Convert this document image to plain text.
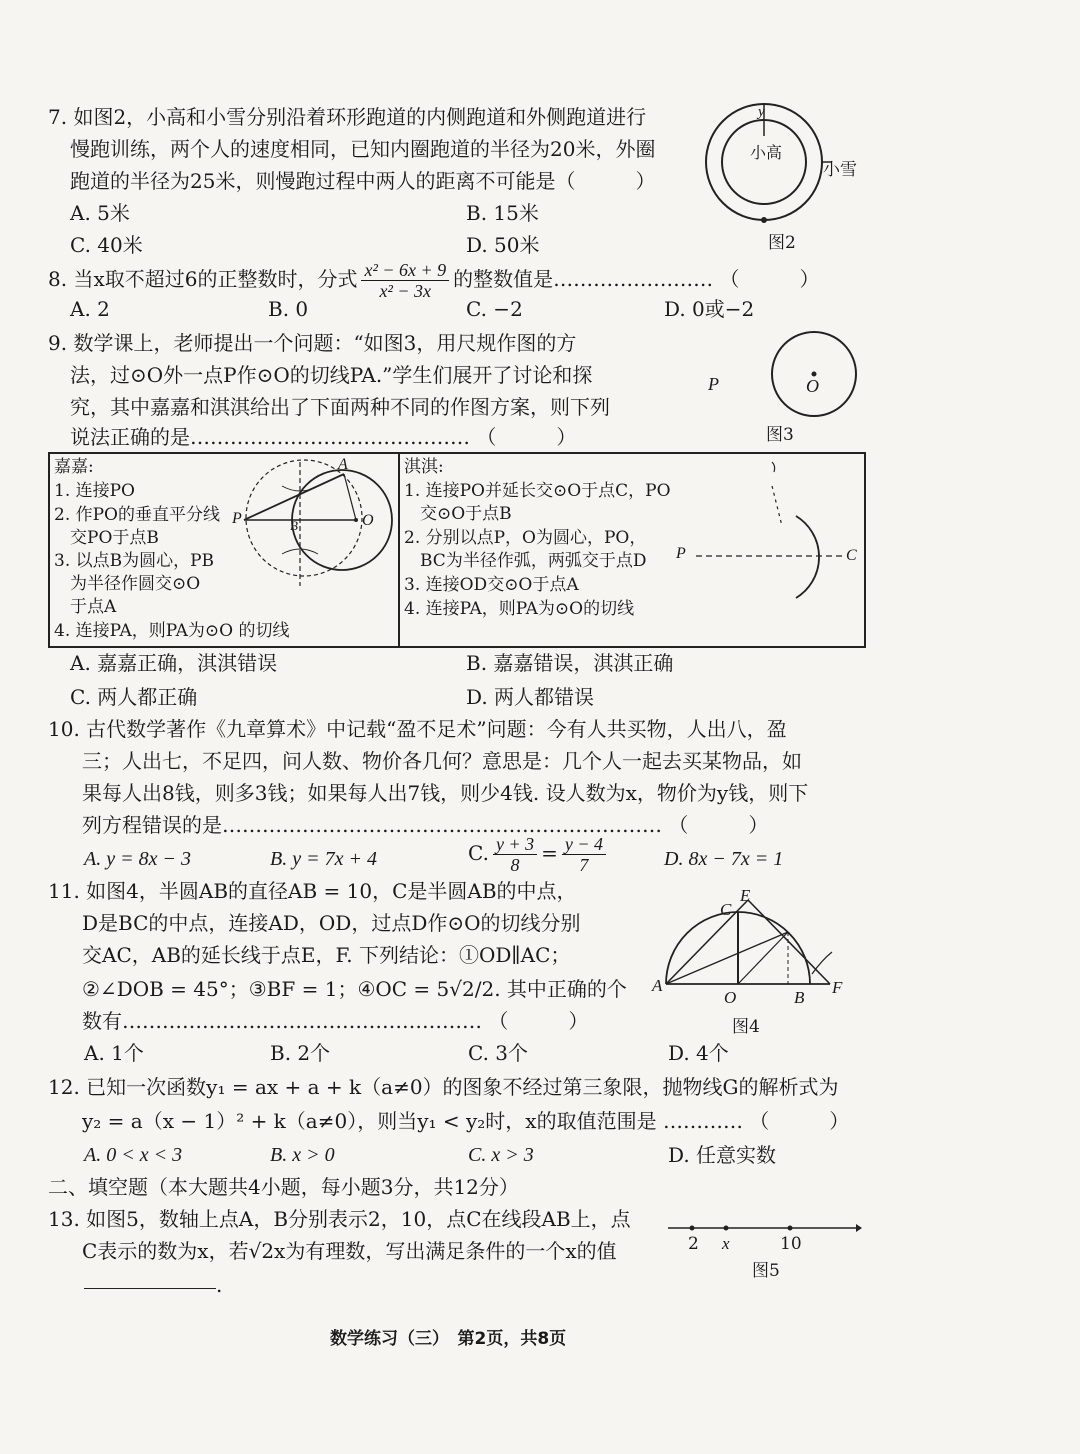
7. 如图2，小高和小雪分别沿着环形跑道的内侧跑道和外侧跑道进行
慢跑训练，两个人的速度相同，已知内圈跑道的半径为20米，外圈
跑道的半径为25米，则慢跑过程中两人的距离不可能是（　　　）
A. 5米	B. 15米
C. 40米	D. 50米
y
小高
小雪
图2
8. 当x取不超过6的正整数时，分式 $\frac{\text{x² − 6x + 9}}{\text{x² − 3x}}$ 的整数值是…………………… （　　　）
A. 2	B. 0	C. −2	D. 0或−2
9. 数学课上，老师提出一个问题：“如图3，用尺规作图的方
法，过⊙O外一点P作⊙O的切线PA.”学生们展开了讨论和探
究，其中嘉嘉和淇淇给出了下面两种不同的作图方案，则下列
说法正确的是…………………………………… （　　　）
P	O
图3
嘉嘉:
1. 连接PO
2. 作PO的垂直平分线
交PO于点B
3. 以点B为圆心，PB
为半径作圆交⊙O
于点A
4. 连接PA，则PA为⊙O 的切线
A
P	O
B
淇淇:
1. 连接PO并延长交⊙O于点C，PO
交⊙O于点B
2. 分别以点P，O为圆心，PO，
BC为半径作弧，两弧交于点D
3. 连接OD交⊙O于点A
4. 连接PA，则PA为⊙O的切线
P	C
A. 嘉嘉正确，淇淇错误	B. 嘉嘉错误，淇淇正确
C. 两人都正确	D. 两人都错误
10. 古代数学著作《九章算术》中记载“盈不足术”问题：今有人共买物，人出八，盈
三；人出七，不足四，问人数、物价各几何？意思是：几个人一起去买某物品，如
果每人出8钱，则多3钱；如果每人出7钱，则少4钱. 设人数为x，物价为y钱，则下
列方程错误的是………………………………………………………… （　　　）
A. y = 8x − 3	B. y = 7x + 4	C. $\frac{y + 3}{8} = \frac{y - 4}{7}$	D. 8x − 7x = 1
11. 如图4，半圆AB的直径AB = 10，C是半圆AB的中点，
D是BC的中点，连接AD，OD，过点D作⊙O的切线分别
交AC，AB的延长线于点E，F. 下列结论：①OD∥AC；
②∠DOB = 45°；③BF = 1；④OC = 5√2/2. 其中正确的个
数有……………………………………………… （　　　）
A. 1个	B. 2个	C. 3个	D. 4个
A
O	B
F
C
E
图4
12. 已知一次函数y₁ = ax + a + k（a≠0）的图象不经过第三象限，抛物线G的解析式为
y₂ = a（x − 1）² + k（a≠0），则当y₁ < y₂时，x的取值范围是 ………… （　　　）
A. 0 < x < 3	B. x > 0	C. x > 3	D. 任意实数
二、填空题（本大题共4小题，每小题3分，共12分）
13. 如图5，数轴上点A，B分别表示2，10，点C在线段AB上，点
C表示的数为x，若√2x为有理数，写出满足条件的一个x的值
.
2 x	10
图5
数学练习（三）　第2页，共8页
